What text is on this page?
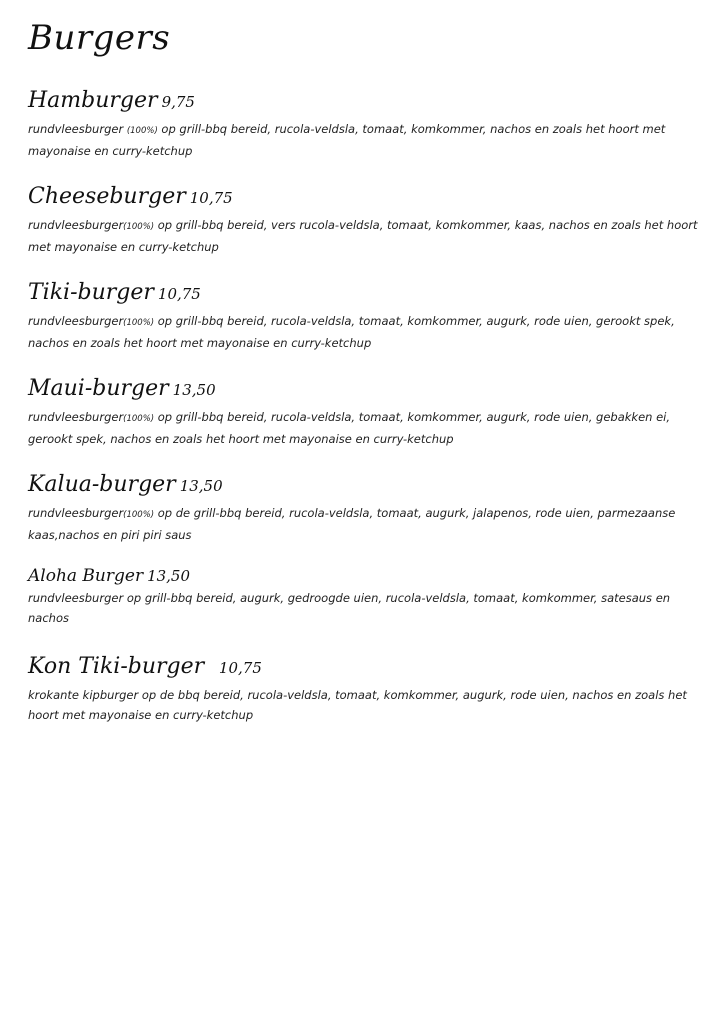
Burgers
Hamburger 9,75
rundvleesburger (100%) op grill-bbq bereid, rucola-veldsla, tomaat, komkommer, nachos en zoals het hoort met mayonaise en curry-ketchup
Cheeseburger 10,75
rundvleesburger(100%) op grill-bbq bereid, vers rucola-veldsla, tomaat, komkommer, kaas, nachos en zoals het hoort met mayonaise en curry-ketchup
Tiki-burger 10,75
rundvleesburger(100%) op grill-bbq bereid, rucola-veldsla, tomaat, komkommer, augurk, rode uien, gerookt spek, nachos en zoals het hoort met mayonaise en curry-ketchup
Maui-burger 13,50
rundvleesburger(100%) op grill-bbq bereid, rucola-veldsla, tomaat, komkommer, augurk, rode uien, gebakken ei, gerookt spek, nachos en zoals het hoort met mayonaise en curry-ketchup
Kalua-burger 13,50
rundvleesburger(100%) op de grill-bbq bereid, rucola-veldsla, tomaat, augurk, jalapenos, rode uien, parmezaanse kaas,nachos en piri piri saus
Aloha Burger 13,50
rundvleesburger op grill-bbq bereid, augurk, gedroogde uien, rucola-veldsla, tomaat, komkommer, satesaus en nachos
Kon Tiki-burger 10,75
krokante kipburger op de bbq bereid, rucola-veldsla, tomaat, komkommer, augurk, rode uien, nachos en zoals het hoort met mayonaise en curry-ketchup
